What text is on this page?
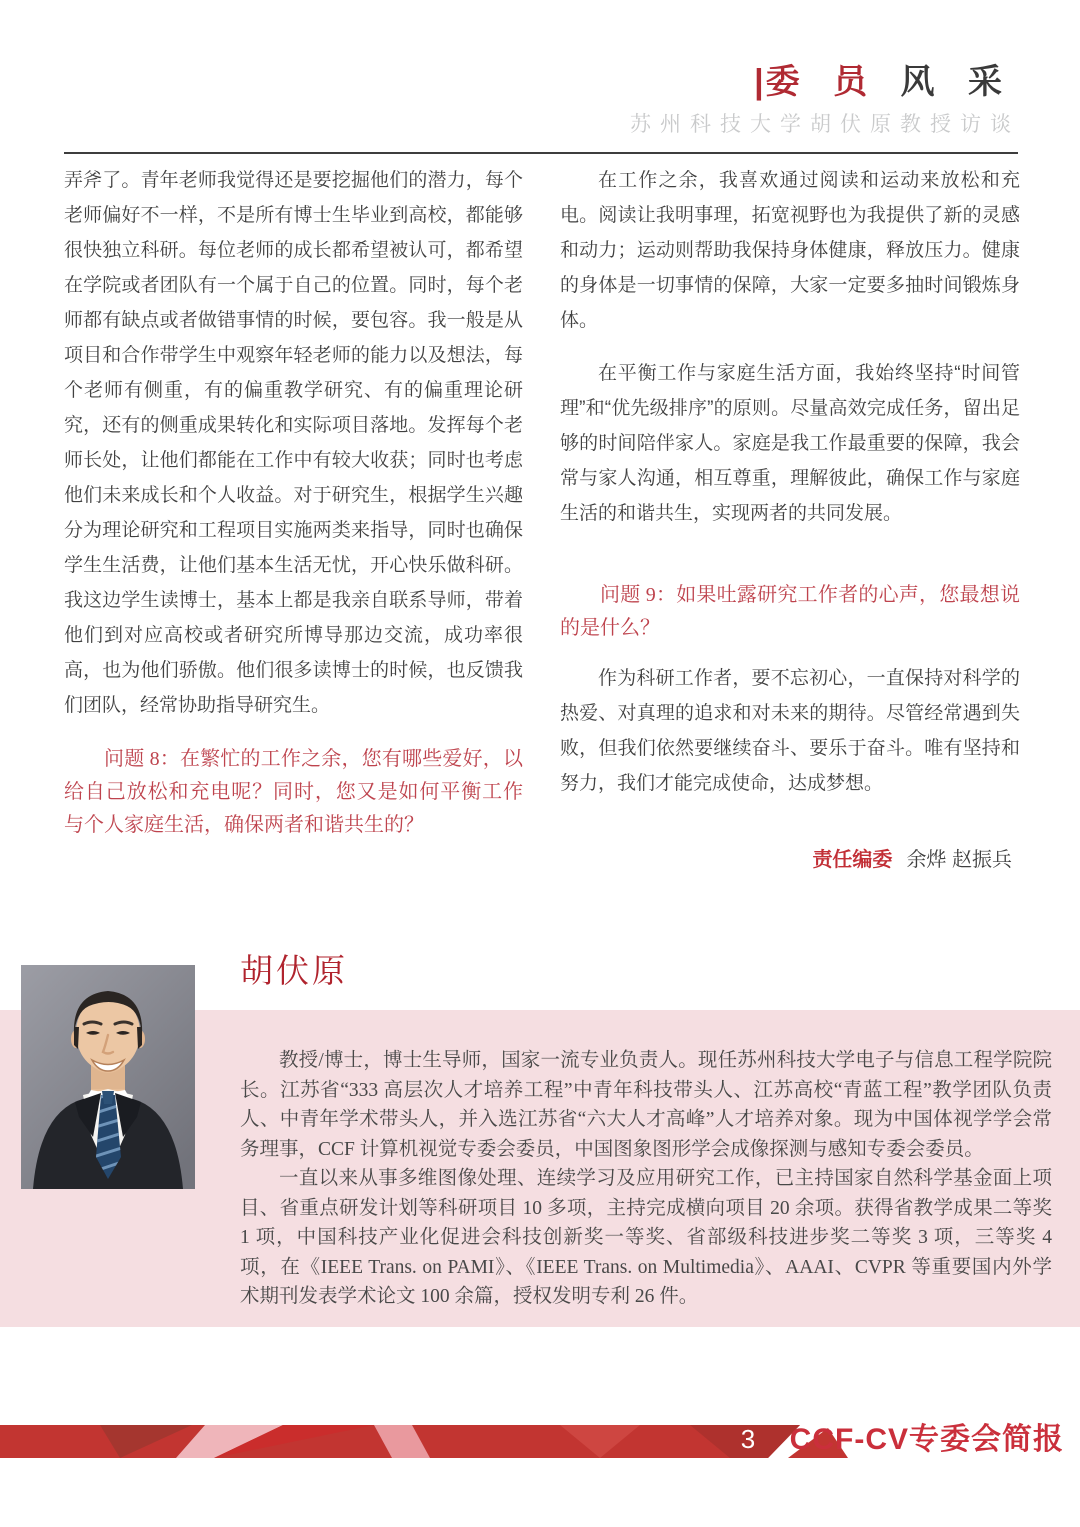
|委 员 风 采
苏州科技大学胡伏原教授访谈

弄斧了。青年老师我觉得还是要挖掘他们的潜力，每个老师偏好不一样，不是所有博士生毕业到高校，都能够很快独立科研。每位老师的成长都希望被认可，都希望在学院或者团队有一个属于自己的位置。同时，每个老师都有缺点或者做错事情的时候，要包容。我一般是从项目和合作带学生中观察年轻老师的能力以及想法，每个老师有侧重，有的偏重教学研究、有的偏重理论研究，还有的侧重成果转化和实际项目落地。发挥每个老师长处，让他们都能在工作中有较大收获；同时也考虑他们未来成长和个人收益。对于研究生，根据学生兴趣分为理论研究和工程项目实施两类来指导，同时也确保学生生活费，让他们基本生活无忧，开心快乐做科研。我这边学生读博士，基本上都是我亲自联系导师，带着他们到对应高校或者研究所博导那边交流，成功率很高，也为他们骄傲。他们很多读博士的时候，也反馈我们团队，经常协助指导研究生。

问题 8：在繁忙的工作之余，您有哪些爱好，以给自己放松和充电呢？同时，您又是如何平衡工作与个人家庭生活，确保两者和谐共生的？

在工作之余，我喜欢通过阅读和运动来放松和充电。阅读让我明事理，拓宽视野也为我提供了新的灵感和动力；运动则帮助我保持身体健康，释放压力。健康的身体是一切事情的保障，大家一定要多抽时间锻炼身体。

在平衡工作与家庭生活方面，我始终坚持“时间管理”和“优先级排序”的原则。尽量高效完成任务，留出足够的时间陪伴家人。家庭是我工作最重要的保障，我会常与家人沟通，相互尊重，理解彼此，确保工作与家庭生活的和谐共生，实现两者的共同发展。

问题 9：如果吐露研究工作者的心声，您最想说的是什么？

作为科研工作者，要不忘初心，一直保持对科学的热爱、对真理的追求和对未来的期待。尽管经常遇到失败，但我们依然要继续奋斗、要乐于奋斗。唯有坚持和努力，我们才能完成使命，达成梦想。

责任编委 余烨 赵振兵

胡伏原

教授/博士，博士生导师，国家一流专业负责人。现任苏州科技大学电子与信息工程学院院长。江苏省“333 高层次人才培养工程”中青年科技带头人、江苏高校“青蓝工程”教学团队负责人、中青年学术带头人，并入选江苏省“六大人才高峰”人才培养对象。现为中国体视学学会常务理事，CCF 计算机视觉专委会委员，中国图象图形学会成像探测与感知专委会委员。

一直以来从事多维图像处理、连续学习及应用研究工作，已主持国家自然科学基金面上项目、省重点研发计划等科研项目 10 多项，主持完成横向项目 20 余项。获得省教学成果二等奖 1 项，中国科技产业化促进会科技创新奖一等奖、省部级科技进步奖二等奖 3 项，三等奖 4 项，在《IEEE Trans. on PAMI》、《IEEE Trans. on Multimedia》、AAAI、CVPR 等重要国内外学术期刊发表学术论文 100 余篇，授权发明专利 26 件。

3	CCF-CV专委会简报
